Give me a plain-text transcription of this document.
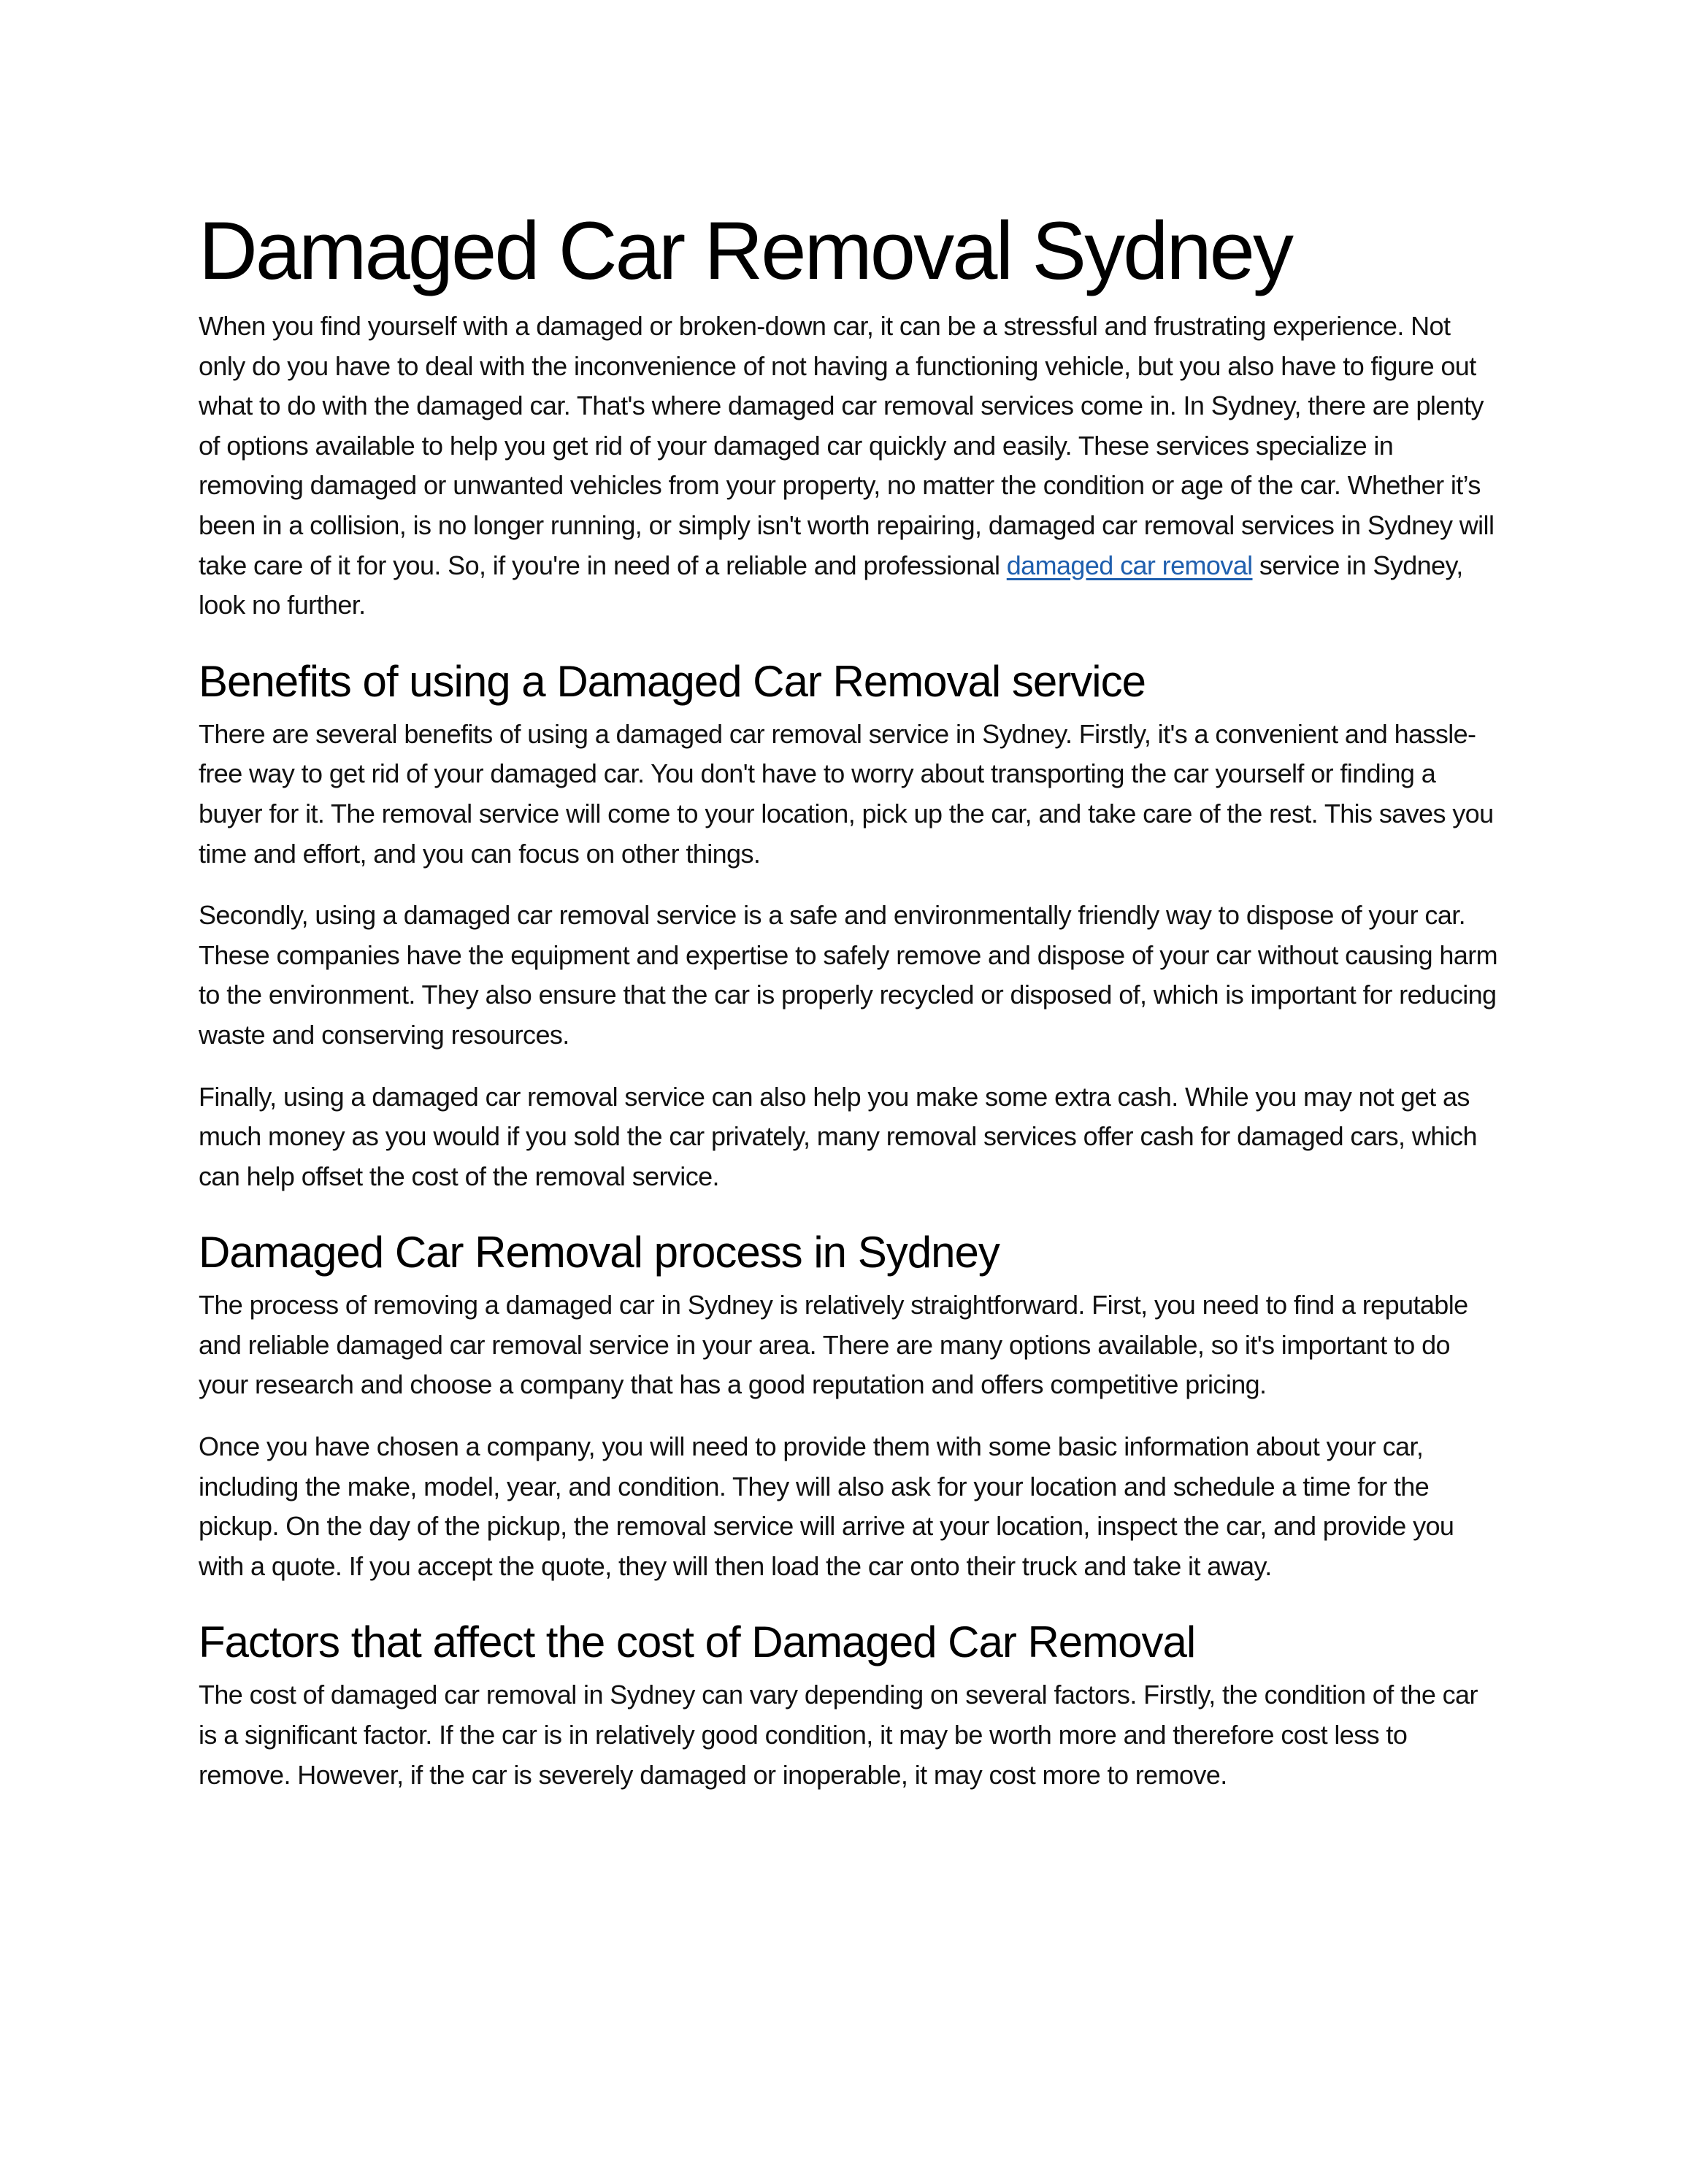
Damaged Car Removal Sydney

When you find yourself with a damaged or broken-down car, it can be a stressful and frustrating experience. Not only do you have to deal with the inconvenience of not having a functioning vehicle, but you also have to figure out what to do with the damaged car. That's where damaged car removal services come in. In Sydney, there are plenty of options available to help you get rid of your damaged car quickly and easily. These services specialize in removing damaged or unwanted vehicles from your property, no matter the condition or age of the car. Whether it’s been in a collision, is no longer running, or simply isn't worth repairing, damaged car removal services in Sydney will take care of it for you. So, if you're in need of a reliable and professional damaged car removal service in Sydney, look no further.

Benefits of using a Damaged Car Removal service

There are several benefits of using a damaged car removal service in Sydney. Firstly, it's a convenient and hassle-free way to get rid of your damaged car. You don't have to worry about transporting the car yourself or finding a buyer for it. The removal service will come to your location, pick up the car, and take care of the rest. This saves you time and effort, and you can focus on other things.

Secondly, using a damaged car removal service is a safe and environmentally friendly way to dispose of your car. These companies have the equipment and expertise to safely remove and dispose of your car without causing harm to the environment. They also ensure that the car is properly recycled or disposed of, which is important for reducing waste and conserving resources.

Finally, using a damaged car removal service can also help you make some extra cash. While you may not get as much money as you would if you sold the car privately, many removal services offer cash for damaged cars, which can help offset the cost of the removal service.

Damaged Car Removal process in Sydney

The process of removing a damaged car in Sydney is relatively straightforward. First, you need to find a reputable and reliable damaged car removal service in your area. There are many options available, so it's important to do your research and choose a company that has a good reputation and offers competitive pricing.

Once you have chosen a company, you will need to provide them with some basic information about your car, including the make, model, year, and condition. They will also ask for your location and schedule a time for the pickup. On the day of the pickup, the removal service will arrive at your location, inspect the car, and provide you with a quote. If you accept the quote, they will then load the car onto their truck and take it away.

Factors that affect the cost of Damaged Car Removal

The cost of damaged car removal in Sydney can vary depending on several factors. Firstly, the condition of the car is a significant factor. If the car is in relatively good condition, it may be worth more and therefore cost less to remove. However, if the car is severely damaged or inoperable, it may cost more to remove.
